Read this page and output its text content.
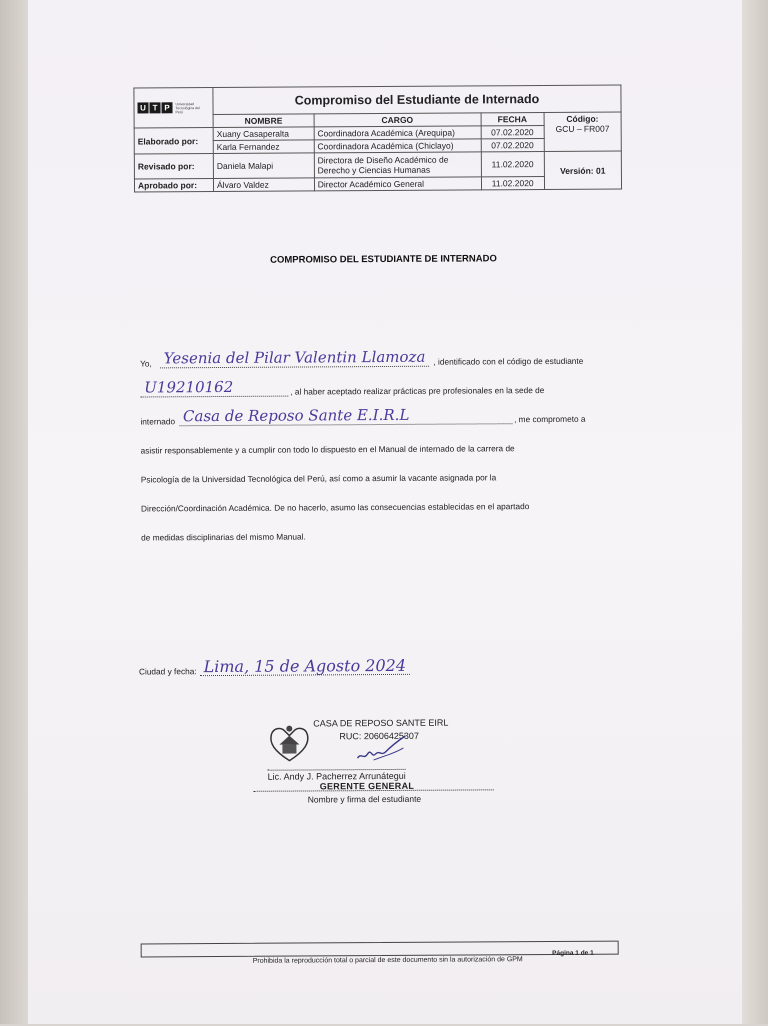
U T P Universidad Tecnológica del Perú	Compromiso del Estudiante de Internado			
	NOMBRE	CARGO	FECHA	Código:
GCU – FR007

Elaborado por:	Xuany Casaperalta	Coordinadora Académica (Arequipa)	07.02.2020	
	Karla Fernandez	Coordinadora Académica (Chiclayo)	07.02.2020	
Revisado por:	Daniela Malapi	Directora de Diseño Académico de Derecho y Ciencias Humanas	11.02.2020	Versión: 01
Aprobado por:	Álvaro Valdez	Director Académico General	11.02.2020	
COMPROMISO DEL ESTUDIANTE DE INTERNADO
Yo, Yesenia del Pilar Valentin Llamoza , identificado con el código de estudiante
U19210162	, al haber aceptado realizar prácticas pre profesionales en la sede de
internado Casa de Reposo Sante E.I.R.L	, me comprometo a
asistir responsablemente y a cumplir con todo lo dispuesto en el Manual de internado de la carrera de
Psicología de la Universidad Tecnológica del Perú, así como a asumir la vacante asignada por la
Dirección/Coordinación Académica. De no hacerlo, asumo las consecuencias establecidas en el apartado
de medidas disciplinarias del mismo Manual.
Ciudad y fecha: Lima, 15 de Agosto 2024
CASA DE REPOSO SANTE EIRL
RUC: 20606425307
Lic. Andy J. Pacherrez Arrunátegui
GERENTE GENERAL
Nombre y firma del estudiante
Página 1 de 1
Prohibida la reproducción total o parcial de este documento sin la autorización de GPM
